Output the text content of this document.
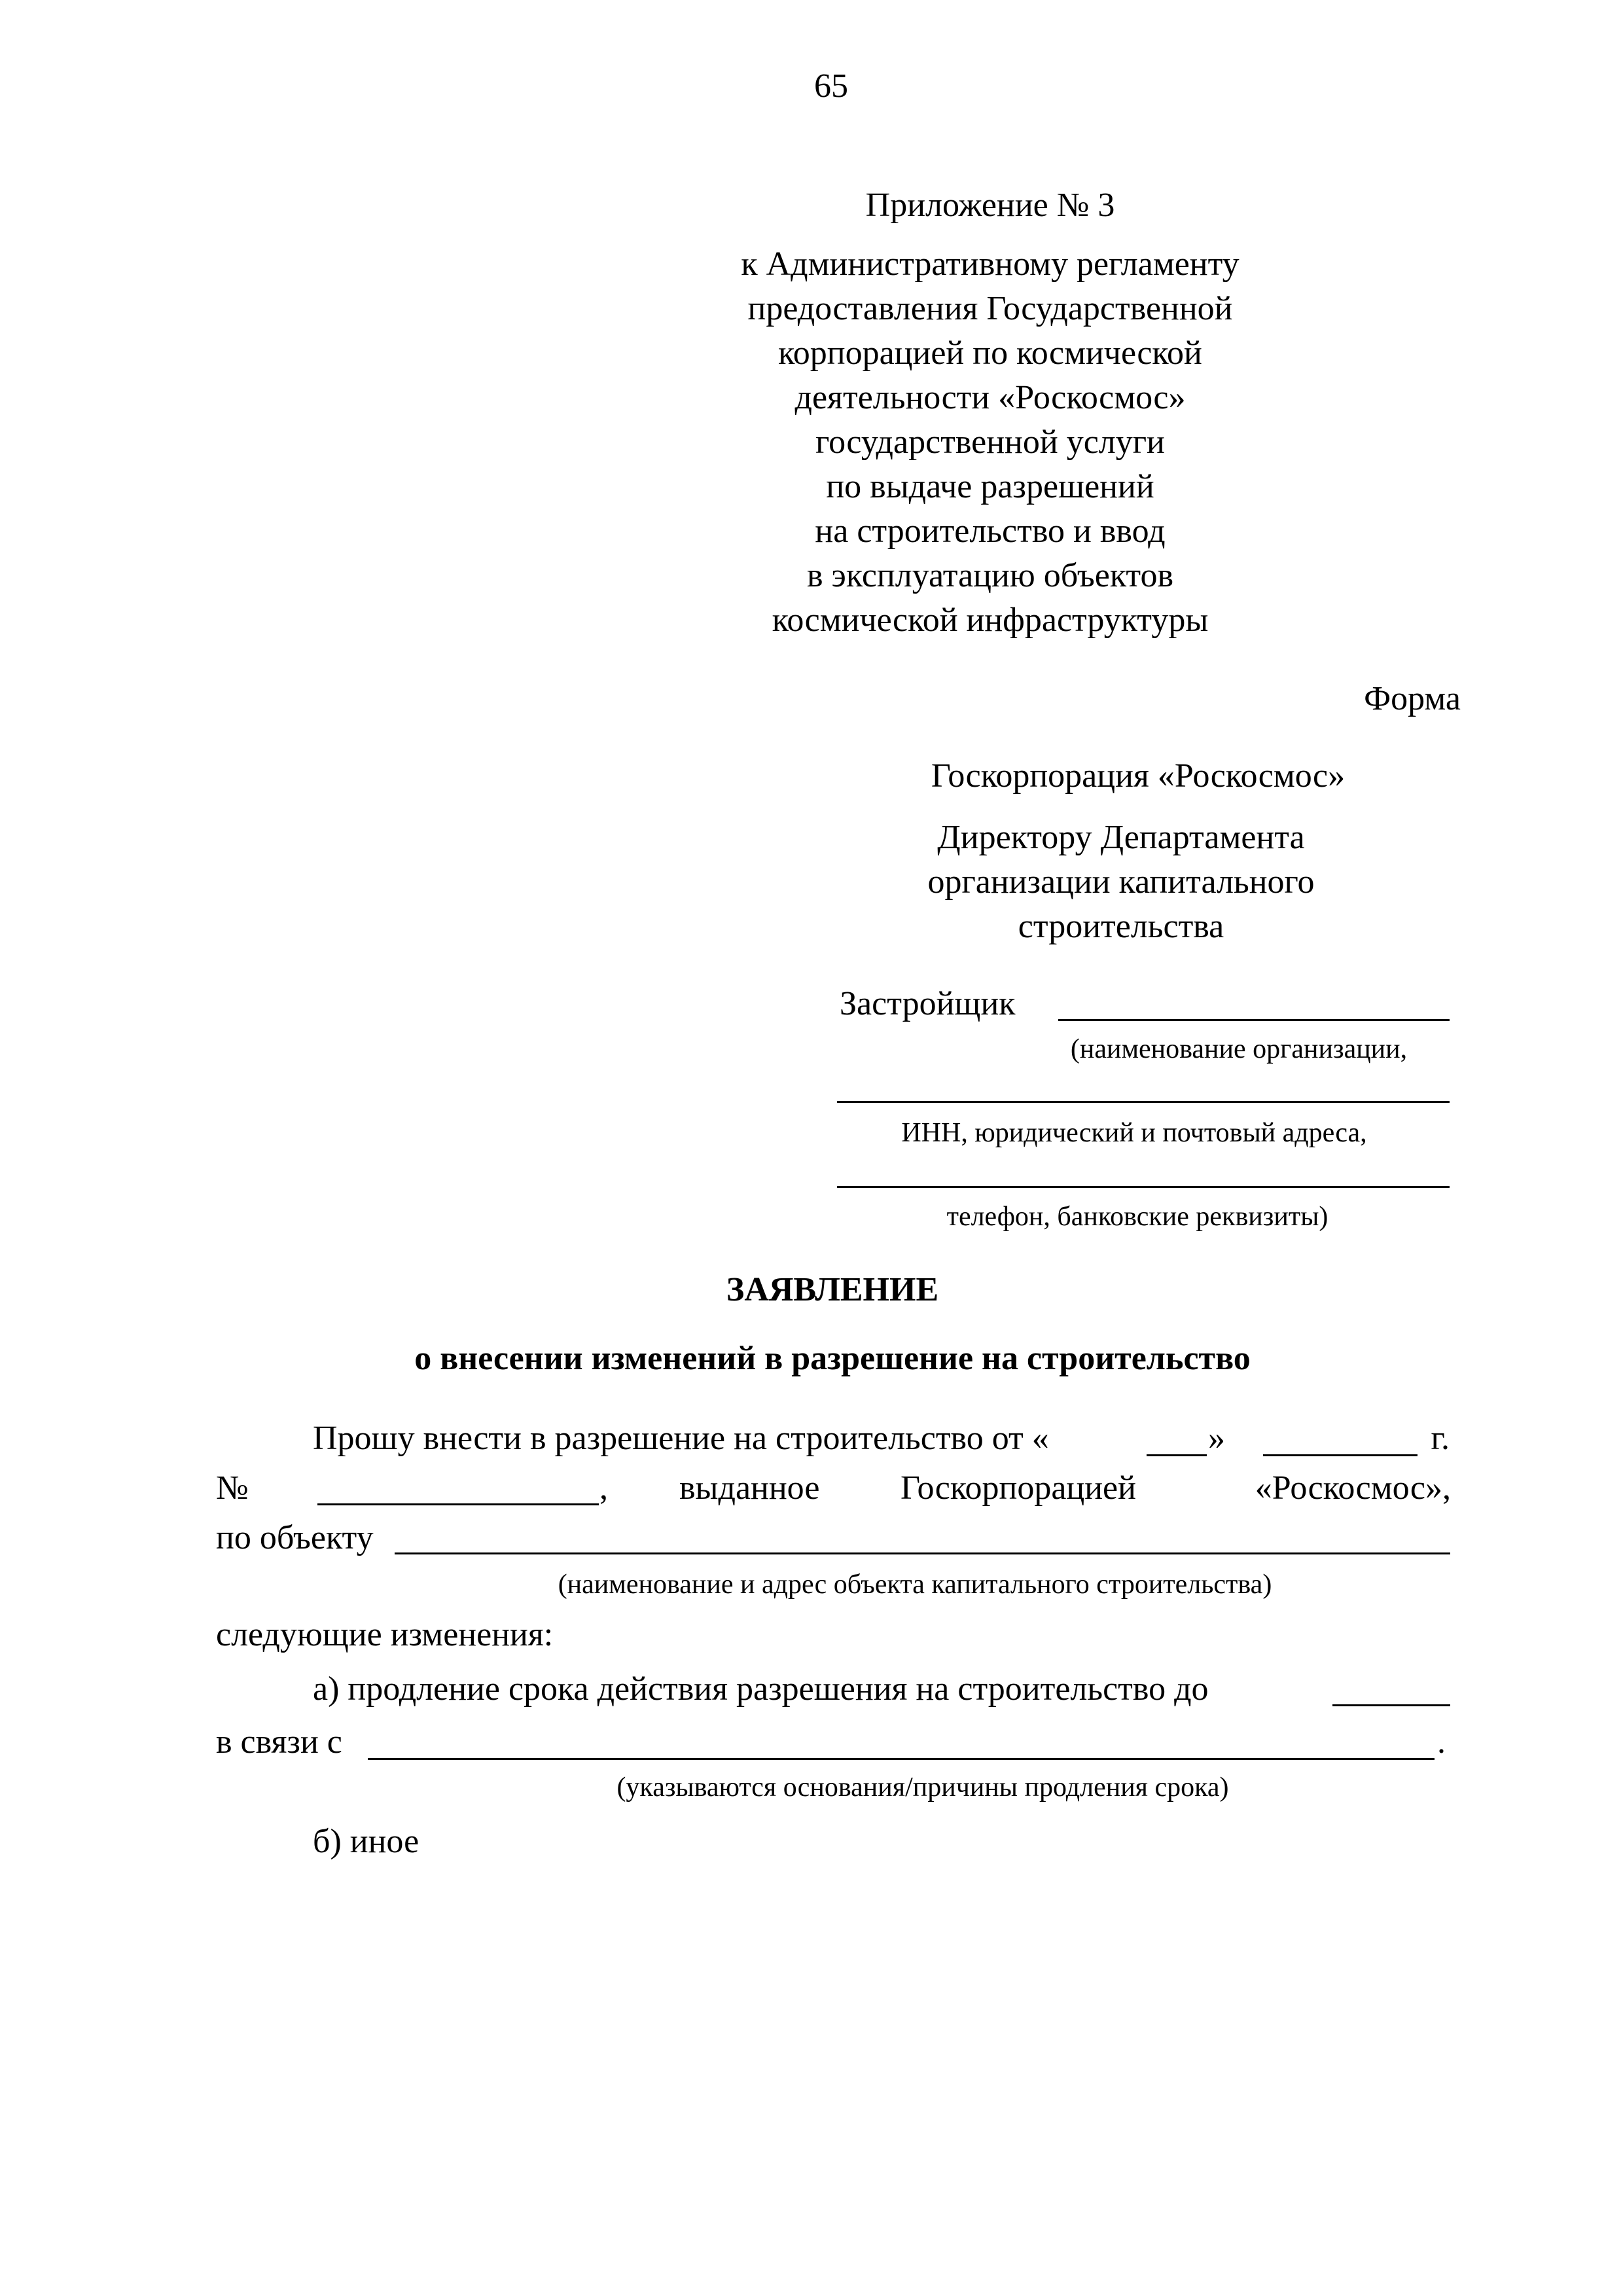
65
Приложение № 3
к Административному регламенту
предоставления Государственной
корпорацией по космической
деятельности «Роскосмос»
государственной услуги
по выдаче разрешений
на строительство и ввод
в эксплуатацию объектов
космической инфраструктуры
Форма
Госкорпорация «Роскосмос»
Директору Департамента
организации капитального
строительства
Застройщик
(наименование организации,
ИНН, юридический и почтовый адреса,
телефон, банковские реквизиты)
ЗАЯВЛЕНИЕ
о внесении изменений в разрешение на строительство
Прошу внести в разрешение на строительство от «	»	г.
№	, выданное Госкорпорацией	«Роскосмос»,
по объекту
(наименование и адрес объекта капитального строительства)
следующие изменения:
а) продление срока действия разрешения на строительство до
в связи с	.
(указываются основания/причины продления срока)
б) иное
